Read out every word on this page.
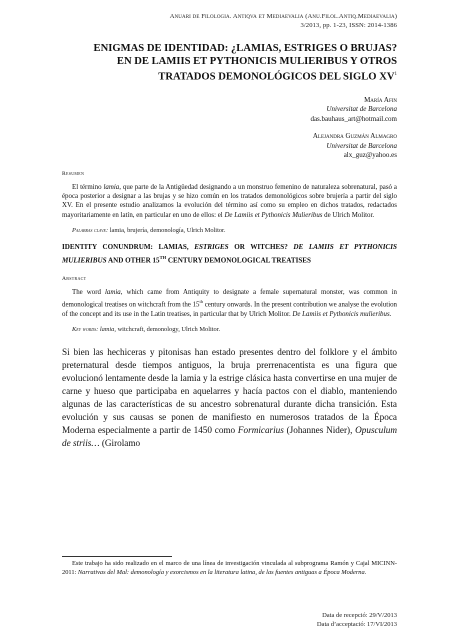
Anuari de Filologia. Antiqva et Mediaevalia (Anu.Filol.Antiq.Mediaevalia)
3/2013, pp. 1-23, ISSN: 2014-1386
ENIGMAS DE IDENTIDAD: ¿LAMIAS, ESTRIGES O BRUJAS?
EN DE LAMIIS ET PYTHONICIS MULIERIBUS Y OTROS
TRATADOS DEMONOLÓGICOS DEL SIGLO XV$^1$
María Afin
Universitat de Barcelona
das.bauhaus_art@hotmail.com
Alejandra Guzmán Almagro
Universitat de Barcelona
alx_guz@yahoo.es
Resumen
El término lamia, que parte de la Antigüedad designando a un monstruo femenino de naturaleza sobrenatural, pasó a época posterior a designar a las brujas y se hizo común en los tratados demonológicos sobre brujería a partir del siglo XV. En el presente estudio analizamos la evolución del término así como su empleo en dichos tratados, redactados mayoritariamente en latín, en particular en uno de ellos: el De Lamiis et Pythonicis Mulieribus de Ulrich Molitor.
Palabras clave: lamia, brujería, demonología, Ulrich Molitor.
IDENTITY CONUNDRUM: LAMIAS, ESTRIGES OR WITCHES? DE LAMIIS ET PYTHONICIS MULIERIBUS AND OTHER 15TH CENTURY DEMONOLOGICAL TREATISES
Abstract
The word lamia, which came from Antiquity to designate a female supernatural monster, was common in demonological treatises on witchcraft from the 15th century onwards. In the present contribution we analyse the evolution of the concept and its use in the Latin treatises, in particular that by Ulrich Molitor. De Lamiis et Pythonicis mulieribus.
Key words: lamia, witchcraft, demonology, Ulrich Molitor.
Si bien las hechiceras y pitonisas han estado presentes dentro del folklore y el ámbito preternatural desde tiempos antiguos, la bruja prerrenacentista es una figura que evolucionó lentamente desde la lamia y la estrige clásica hasta convertirse en una mujer de carne y hueso que participaba en aquelarres y hacía pactos con el diablo, manteniendo algunas de las características de su ancestro sobrenatural durante dicha transición. Esta evolución y sus causas se ponen de manifiesto en numerosos tratados de la Época Moderna especialmente a partir de 1450 como Formicarius (Johannes Nider), Opusculum de striis… (Girolamo
Este trabajo ha sido realizado en el marco de una línea de investigación vinculada al subprograma Ramón y Cajal MICINN-2011: Narrativas del Mal: demonología y exorcismos en la literatura latina, de las fuentes antiguas a Época Moderna.
Data de recepció: 29/V/2013
Data d’acceptació: 17/VI/2013
